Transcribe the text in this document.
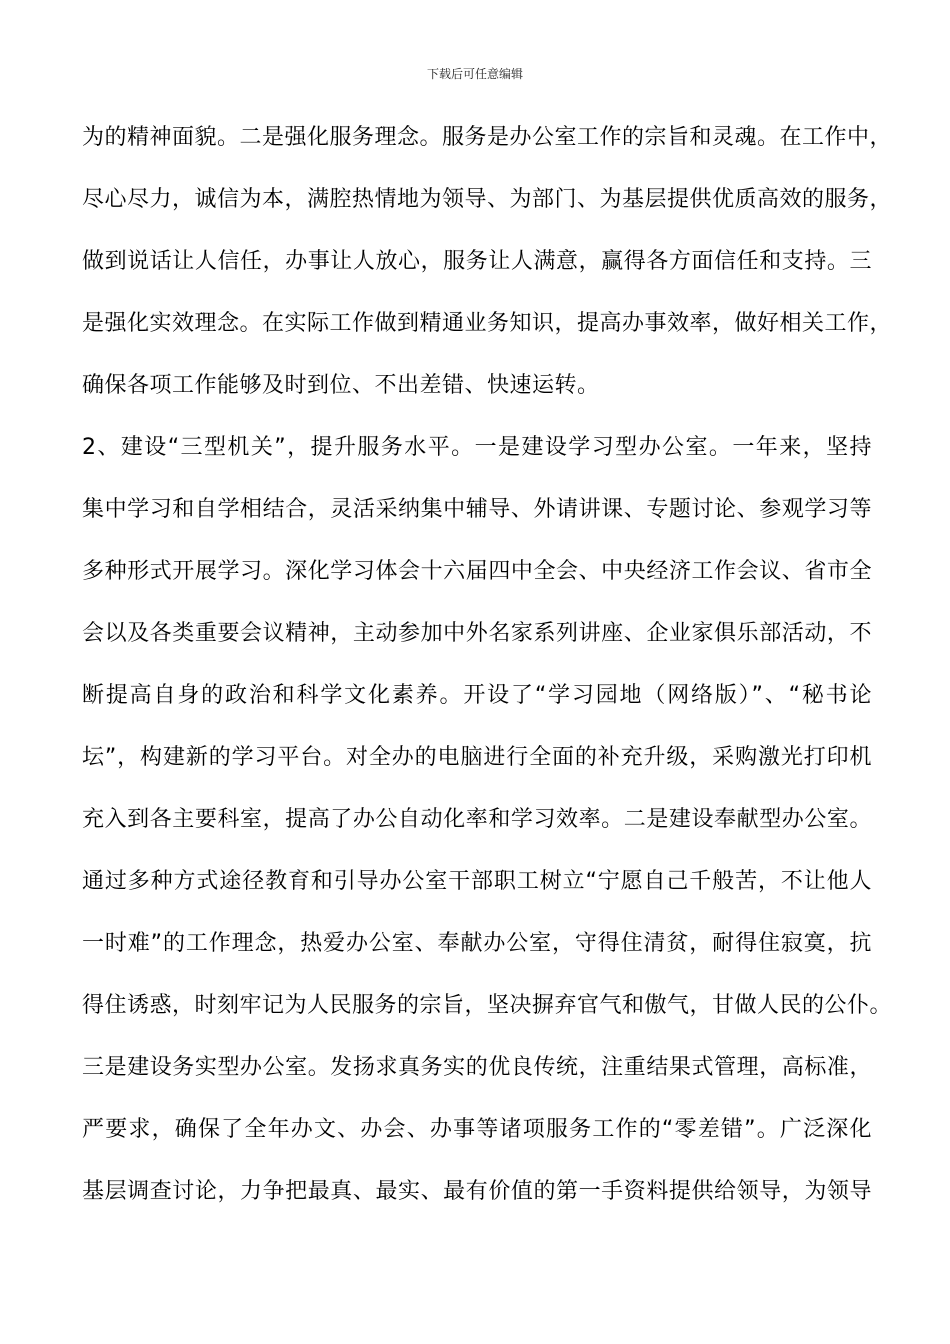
下载后可任意编辑
为的精神面貌。二是强化服务理念。服务是办公室工作的宗旨和灵魂。在工作中，
尽心尽力，诚信为本，满腔热情地为领导、为部门、为基层提供优质高效的服务，
做到说话让人信任，办事让人放心，服务让人满意，赢得各方面信任和支持。三
是强化实效理念。在实际工作做到精通业务知识，提高办事效率，做好相关工作，
确保各项工作能够及时到位、不出差错、快速运转。
2、建设“三型机关”，提升服务水平。一是建设学习型办公室。一年来，坚持
集中学习和自学相结合，灵活采纳集中辅导、外请讲课、专题讨论、参观学习等
多种形式开展学习。深化学习体会十六届四中全会、中央经济工作会议、省市全
会以及各类重要会议精神，主动参加中外名家系列讲座、企业家俱乐部活动，不
断提高自身的政治和科学文化素养。开设了“学习园地（网络版）”、“秘书论
坛”，构建新的学习平台。对全办的电脑进行全面的补充升级，采购激光打印机
充入到各主要科室，提高了办公自动化率和学习效率。二是建设奉献型办公室。
通过多种方式途径教育和引导办公室干部职工树立“宁愿自己千般苦，不让他人
一时难”的工作理念，热爱办公室、奉献办公室，守得住清贫，耐得住寂寞，抗
得住诱惑，时刻牢记为人民服务的宗旨，坚决摒弃官气和傲气，甘做人民的公仆。
三是建设务实型办公室。发扬求真务实的优良传统，注重结果式管理，高标准，
严要求，确保了全年办文、办会、办事等诸项服务工作的“零差错”。广泛深化
基层调查讨论，力争把最真、最实、最有价值的第一手资料提供给领导，为领导
